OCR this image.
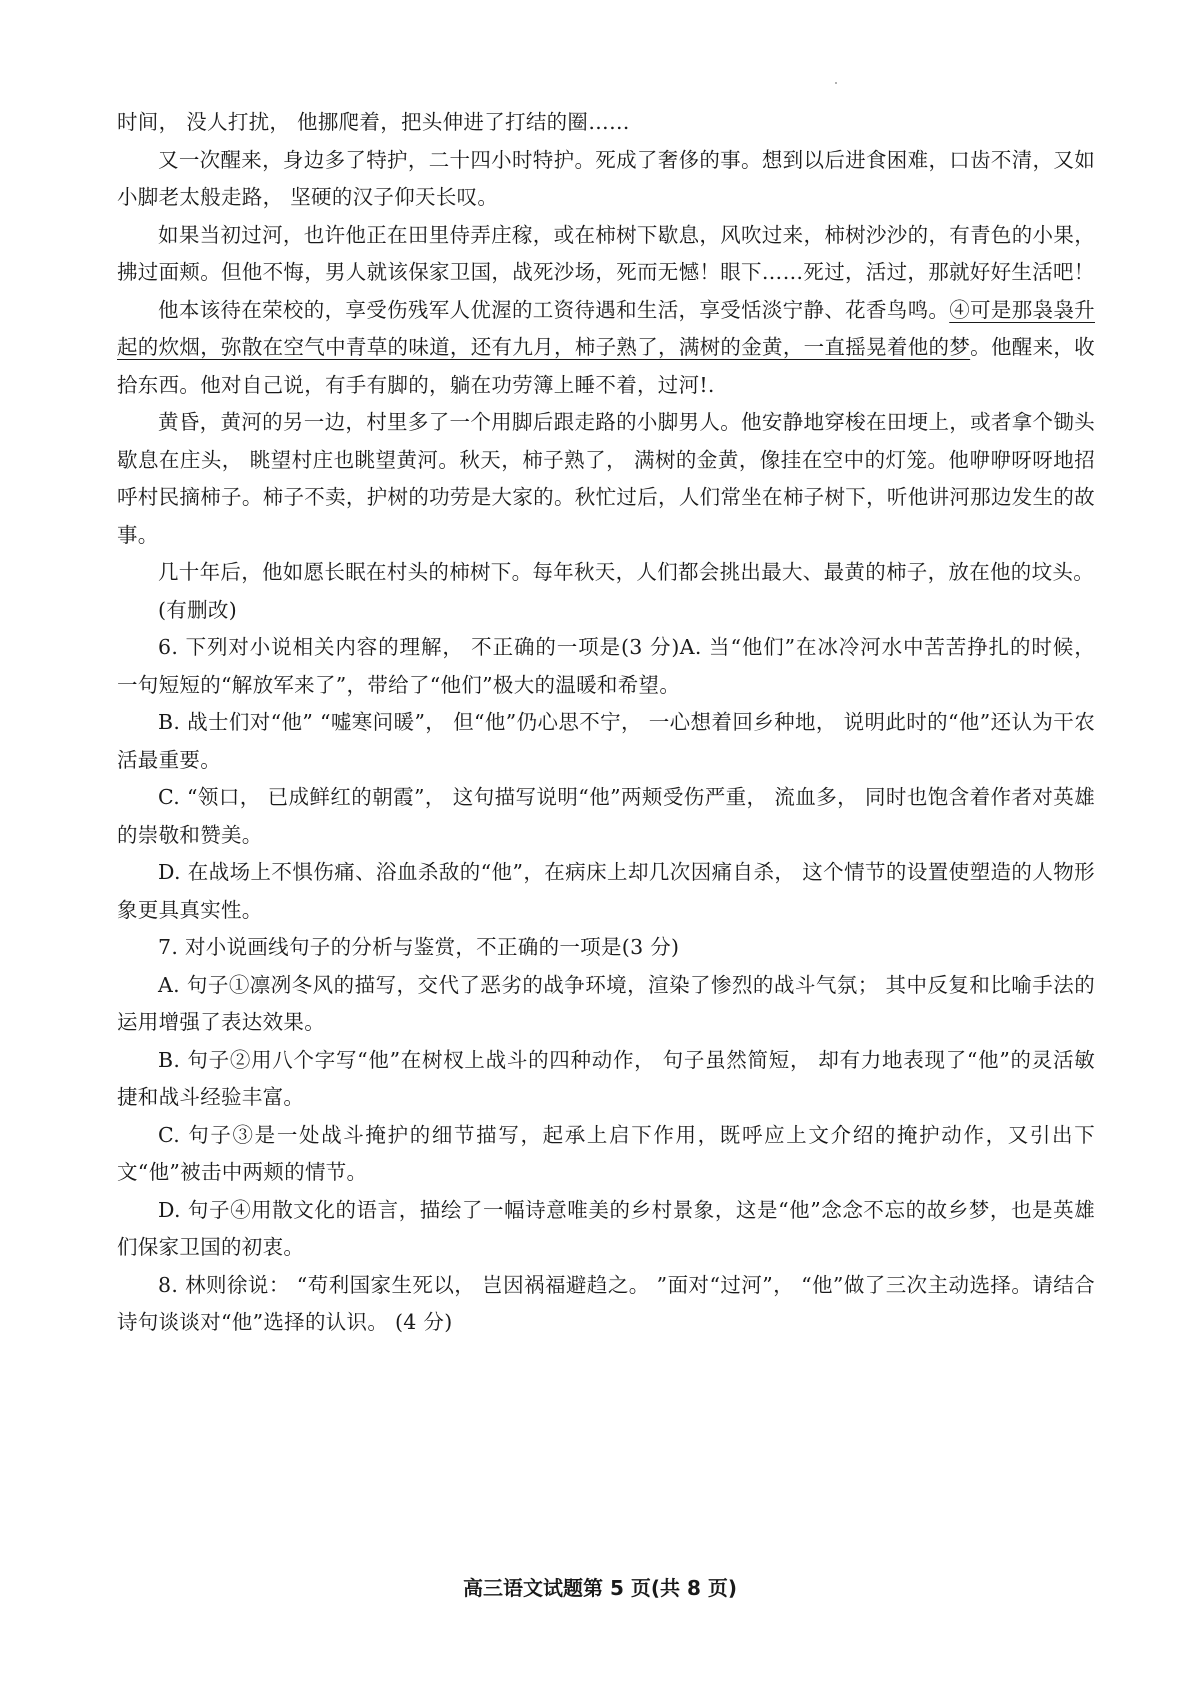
时间， 没人打扰， 他挪爬着，把头伸进了打结的圈……

又一次醒来，身边多了特护，二十四小时特护。死成了奢侈的事。想到以后进食困难，口齿不清，又如小脚老太般走路， 坚硬的汉子仰天长叹。

如果当初过河，也许他正在田里侍弄庄稼，或在柿树下歇息，风吹过来，柿树沙沙的，有青色的小果，拂过面颊。但他不悔，男人就该保家卫国，战死沙场，死而无憾！眼下……死过，活过，那就好好生活吧！

他本该待在荣校的，享受伤残军人优渥的工资待遇和生活，享受恬淡宁静、花香鸟鸣。④可是那袅袅升起的炊烟，弥散在空气中青草的味道，还有九月，柿子熟了，满树的金黄，一直摇晃着他的梦。他醒来，收拾东西。他对自己说，有手有脚的，躺在功劳簿上睡不着，过河!.

黄昏，黄河的另一边，村里多了一个用脚后跟走路的小脚男人。他安静地穿梭在田埂上，或者拿个锄头歇息在庄头， 眺望村庄也眺望黄河。秋天，柿子熟了， 满树的金黄，像挂在空中的灯笼。他咿咿呀呀地招呼村民摘柿子。柿子不卖，护树的功劳是大家的。秋忙过后，人们常坐在柿子树下，听他讲河那边发生的故事。

几十年后，他如愿长眠在村头的柿树下。每年秋天，人们都会挑出最大、最黄的柿子，放在他的坟头。

(有删改)

6. 下列对小说相关内容的理解， 不正确的一项是(3 分)A. 当“他们”在冰冷河水中苦苦挣扎的时候， 一句短短的“解放军来了”，带给了“他们”极大的温暖和希望。

B. 战士们对“他” “嘘寒问暖”， 但“他”仍心思不宁， 一心想着回乡种地， 说明此时的“他”还认为干农活最重要。

C. “领口， 已成鲜红的朝霞”， 这句描写说明“他”两颊受伤严重， 流血多， 同时也饱含着作者对英雄的崇敬和赞美。

D. 在战场上不惧伤痛、浴血杀敌的“他”，在病床上却几次因痛自杀， 这个情节的设置使塑造的人物形象更具真实性。

7. 对小说画线句子的分析与鉴赏，不正确的一项是(3 分)

A. 句子①凛冽冬风的描写，交代了恶劣的战争环境，渲染了惨烈的战斗气氛； 其中反复和比喻手法的运用增强了表达效果。

B. 句子②用八个字写“他”在树杈上战斗的四种动作， 句子虽然简短， 却有力地表现了“他”的灵活敏捷和战斗经验丰富。

C. 句子③是一处战斗掩护的细节描写，起承上启下作用，既呼应上文介绍的掩护动作，又引出下文“他”被击中两颊的情节。

D. 句子④用散文化的语言，描绘了一幅诗意唯美的乡村景象，这是“他”念念不忘的故乡梦，也是英雄们保家卫国的初衷。

8. 林则徐说： “苟利国家生死以， 岂因祸福避趋之。 ”面对“过河”， “他”做了三次主动选择。请结合诗句谈谈对“他”选择的认识。 (4 分)

高三语文试题第 5 页(共 8 页)
